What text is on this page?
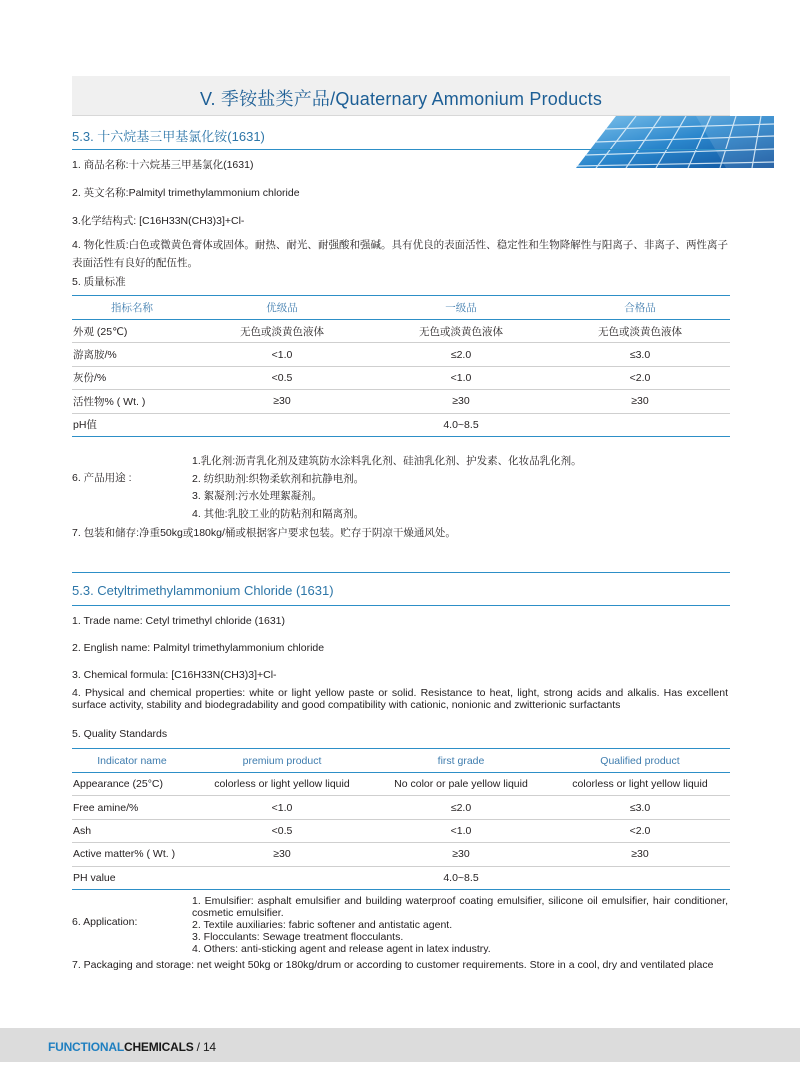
V. 季铵盐类产品/Quaternary Ammonium Products
5.3. 十六烷基三甲基氯化铵(1631)
1. 商品名称:十六烷基三甲基氯化(1631)
2. 英文名称:Palmityl trimethylammonium chloride
3.化学结构式: [C16H33N(CH3)3]+Cl-
4. 物化性质:白色或微黄色膏体或固体。耐热、耐光、耐强酸和强碱。具有优良的表面活性、稳定性和生物降解性与阳离子、非离子、两性离子表面活性有良好的配伍性。
5. 质量标准
指标名称	优级品	一级品	合格品
外观 (25℃)	无色或淡黄色液体	无色或淡黄色液体	无色或淡黄色液体
游离胺/%	<1.0	≤2.0	≤3.0
灰份/%	<0.5	<1.0	<2.0
活性物% ( Wt. )	≥30	≥30	≥30
pH值	4.0~8.5		
6. 产品用途 :
1.乳化剂:沥青乳化剂及建筑防水涂料乳化剂、硅油乳化剂、护发素、化妆品乳化剂。
2. 纺织助剂:织物柔软剂和抗静电剂。
3. 絮凝剂:污水处理絮凝剂。
4. 其他:乳胶工业的防粘剂和隔离剂。
7. 包装和储存:净重50kg或180kg/桶或根据客户要求包装。贮存于阴凉干燥通风处。
5.3. Cetyltrimethylammonium Chloride (1631)
1. Trade name: Cetyl trimethyl chloride (1631)
2. English name: Palmityl trimethylammonium chloride
3. Chemical formula: [C16H33N(CH3)3]+Cl-
4. Physical and chemical properties: white or light yellow paste or solid. Resistance to heat, light, strong acids and alkalis. Has excellent surface activity, stability and biodegradability and good compatibility with cationic, nonionic and zwitterionic surfactants
5. Quality Standards
Indicator name	premium product	first grade	Qualified product
Appearance (25°C)	colorless or light yellow liquid	No color or pale yellow liquid	colorless or light yellow liquid
Free amine/%	<1.0	≤2.0	≤3.0
Ash	<0.5	<1.0	<2.0
Active matter% ( Wt. )	≥30	≥30	≥30
PH value	4.0~8.5		
6. Application:
1. Emulsifier: asphalt emulsifier and building waterproof coating emulsifier, silicone oil emulsifier, hair conditioner, cosmetic emulsifier.
2. Textile auxiliaries: fabric softener and antistatic agent.
3. Flocculants: Sewage treatment flocculants.
4. Others: anti-sticking agent and release agent in latex industry.
7. Packaging and storage: net weight 50kg or 180kg/drum or according to customer requirements. Store in a cool, dry and ventilated place
FUNCTIONALCHEMICALS / 14
